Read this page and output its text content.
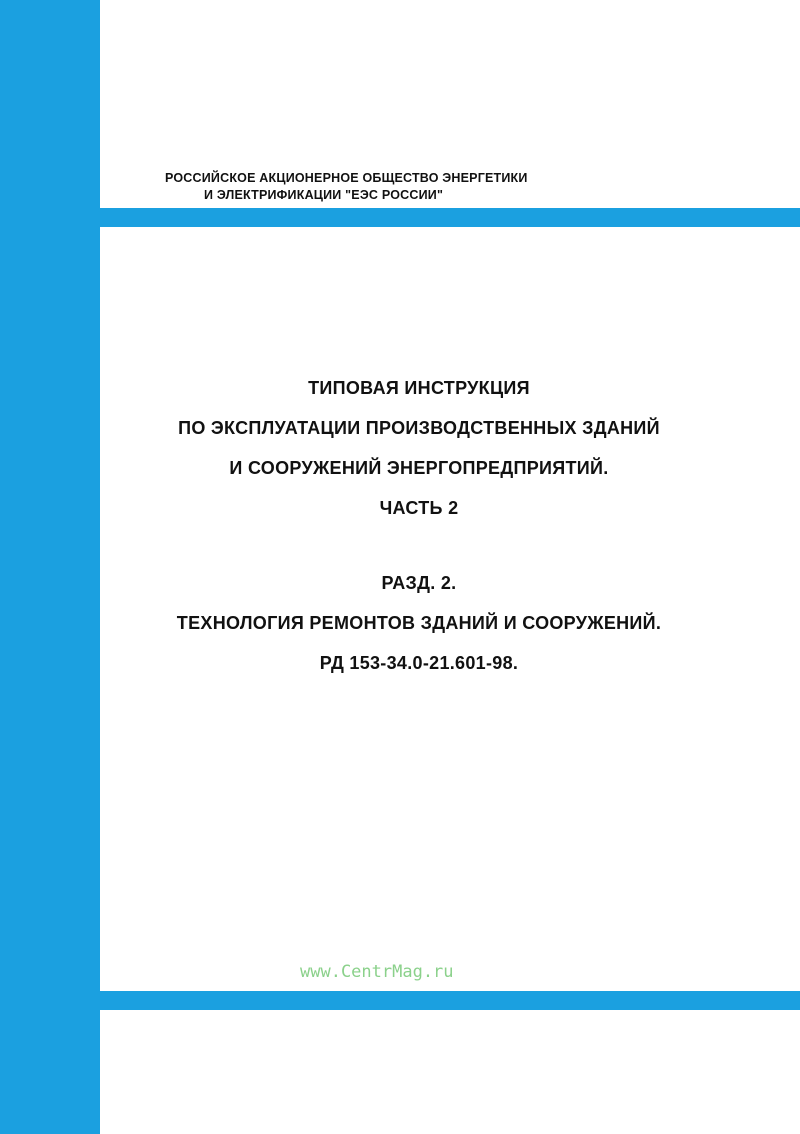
РОССИЙСКОЕ АКЦИОНЕРНОЕ ОБЩЕСТВО ЭНЕРГЕТИКИ
И ЭЛЕКТРИФИКАЦИИ "ЕЭС РОССИИ"
ТИПОВАЯ ИНСТРУКЦИЯ
ПО ЭКСПЛУАТАЦИИ ПРОИЗВОДСТВЕННЫХ ЗДАНИЙ
И СООРУЖЕНИЙ ЭНЕРГОПРЕДПРИЯТИЙ.
ЧАСТЬ 2
РАЗД. 2.
ТЕХНОЛОГИЯ РЕМОНТОВ ЗДАНИЙ И СООРУЖЕНИЙ.
РД 153-34.0-21.601-98.
www.CentrMag.ru
